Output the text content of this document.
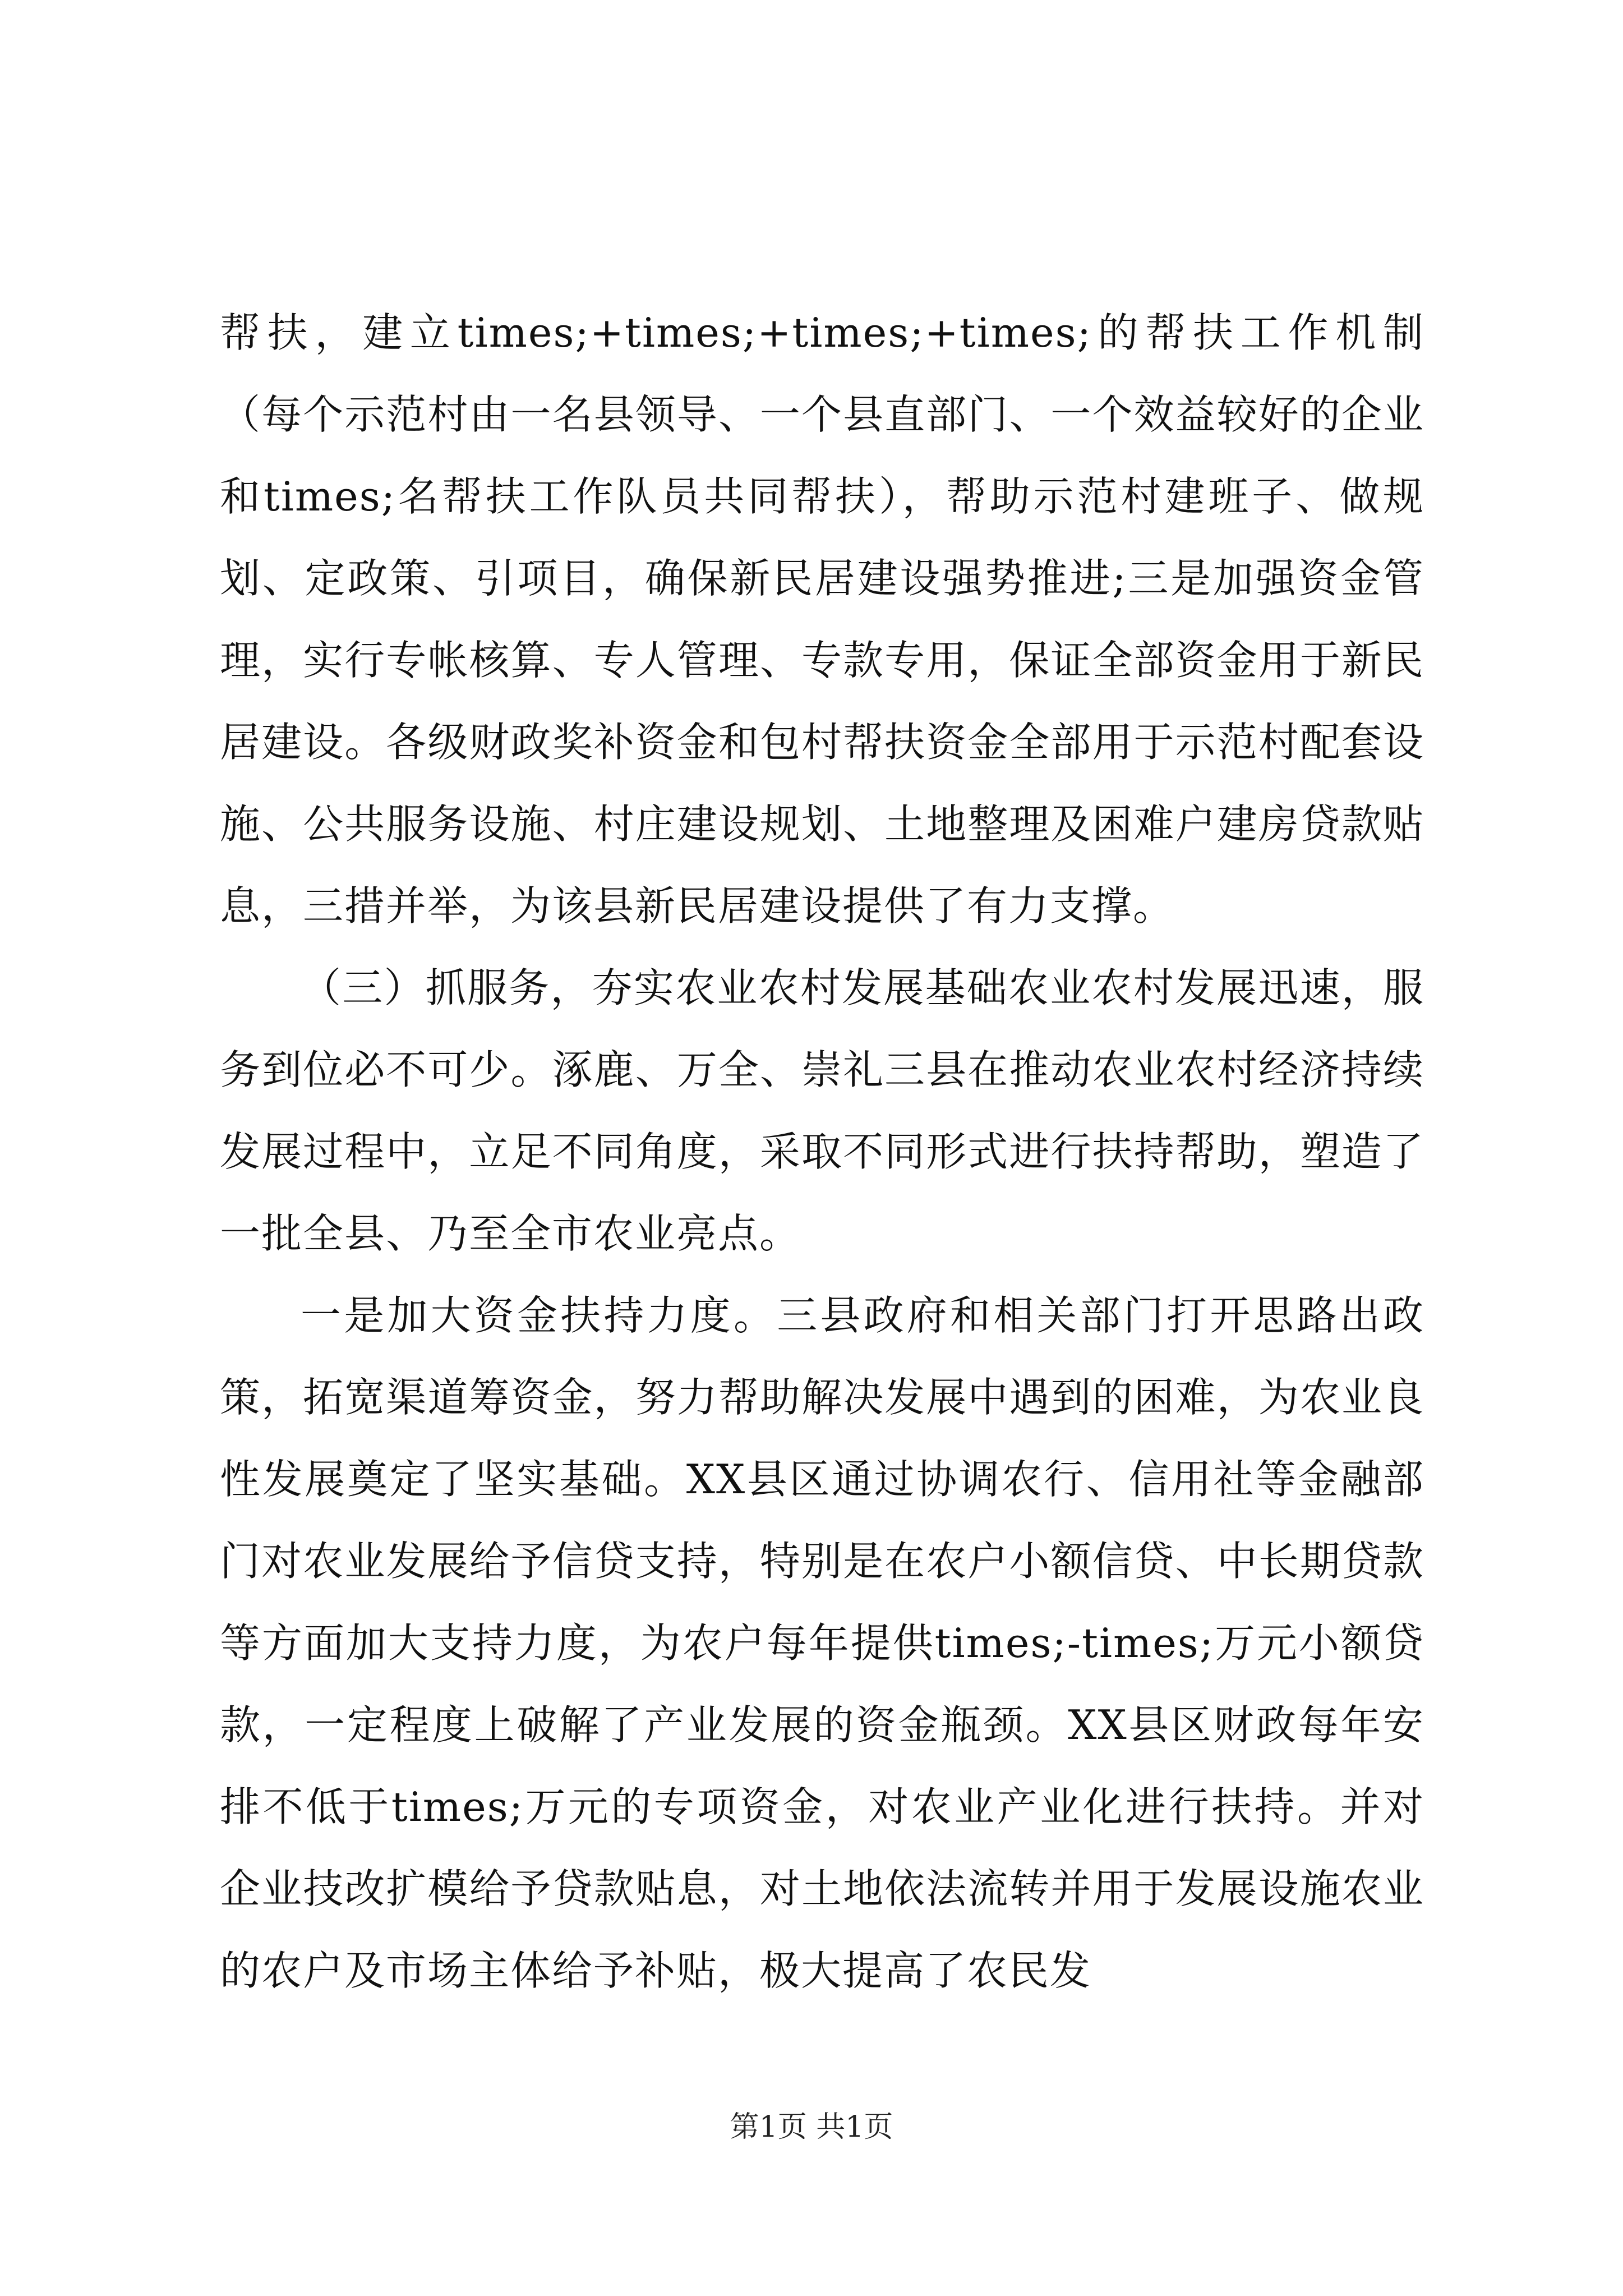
帮扶，建立times;+times;+times;+times;的帮扶工作机制（每个示范村由一名县领导、一个县直部门、一个效益较好的企业和times;名帮扶工作队员共同帮扶），帮助示范村建班子、做规划、定政策、引项目，确保新民居建设强势推进;三是加强资金管理，实行专帐核算、专人管理、专款专用，保证全部资金用于新民居建设。各级财政奖补资金和包村帮扶资金全部用于示范村配套设施、公共服务设施、村庄建设规划、土地整理及困难户建房贷款贴息，三措并举，为该县新民居建设提供了有力支撑。

（三）抓服务，夯实农业农村发展基础农业农村发展迅速，服务到位必不可少。涿鹿、万全、崇礼三县在推动农业农村经济持续发展过程中，立足不同角度，采取不同形式进行扶持帮助，塑造了一批全县、乃至全市农业亮点。

一是加大资金扶持力度。三县政府和相关部门打开思路出政策，拓宽渠道筹资金，努力帮助解决发展中遇到的困难，为农业良性发展奠定了坚实基础。XX县区通过协调农行、信用社等金融部门对农业发展给予信贷支持，特别是在农户小额信贷、中长期贷款等方面加大支持力度，为农户每年提供times;-times;万元小额贷款，一定程度上破解了产业发展的资金瓶颈。XX县区财政每年安排不低于times;万元的专项资金，对农业产业化进行扶持。并对企业技改扩模给予贷款贴息，对土地依法流转并用于发展设施农业的农户及市场主体给予补贴，极大提高了农民发

第1页 共1页
